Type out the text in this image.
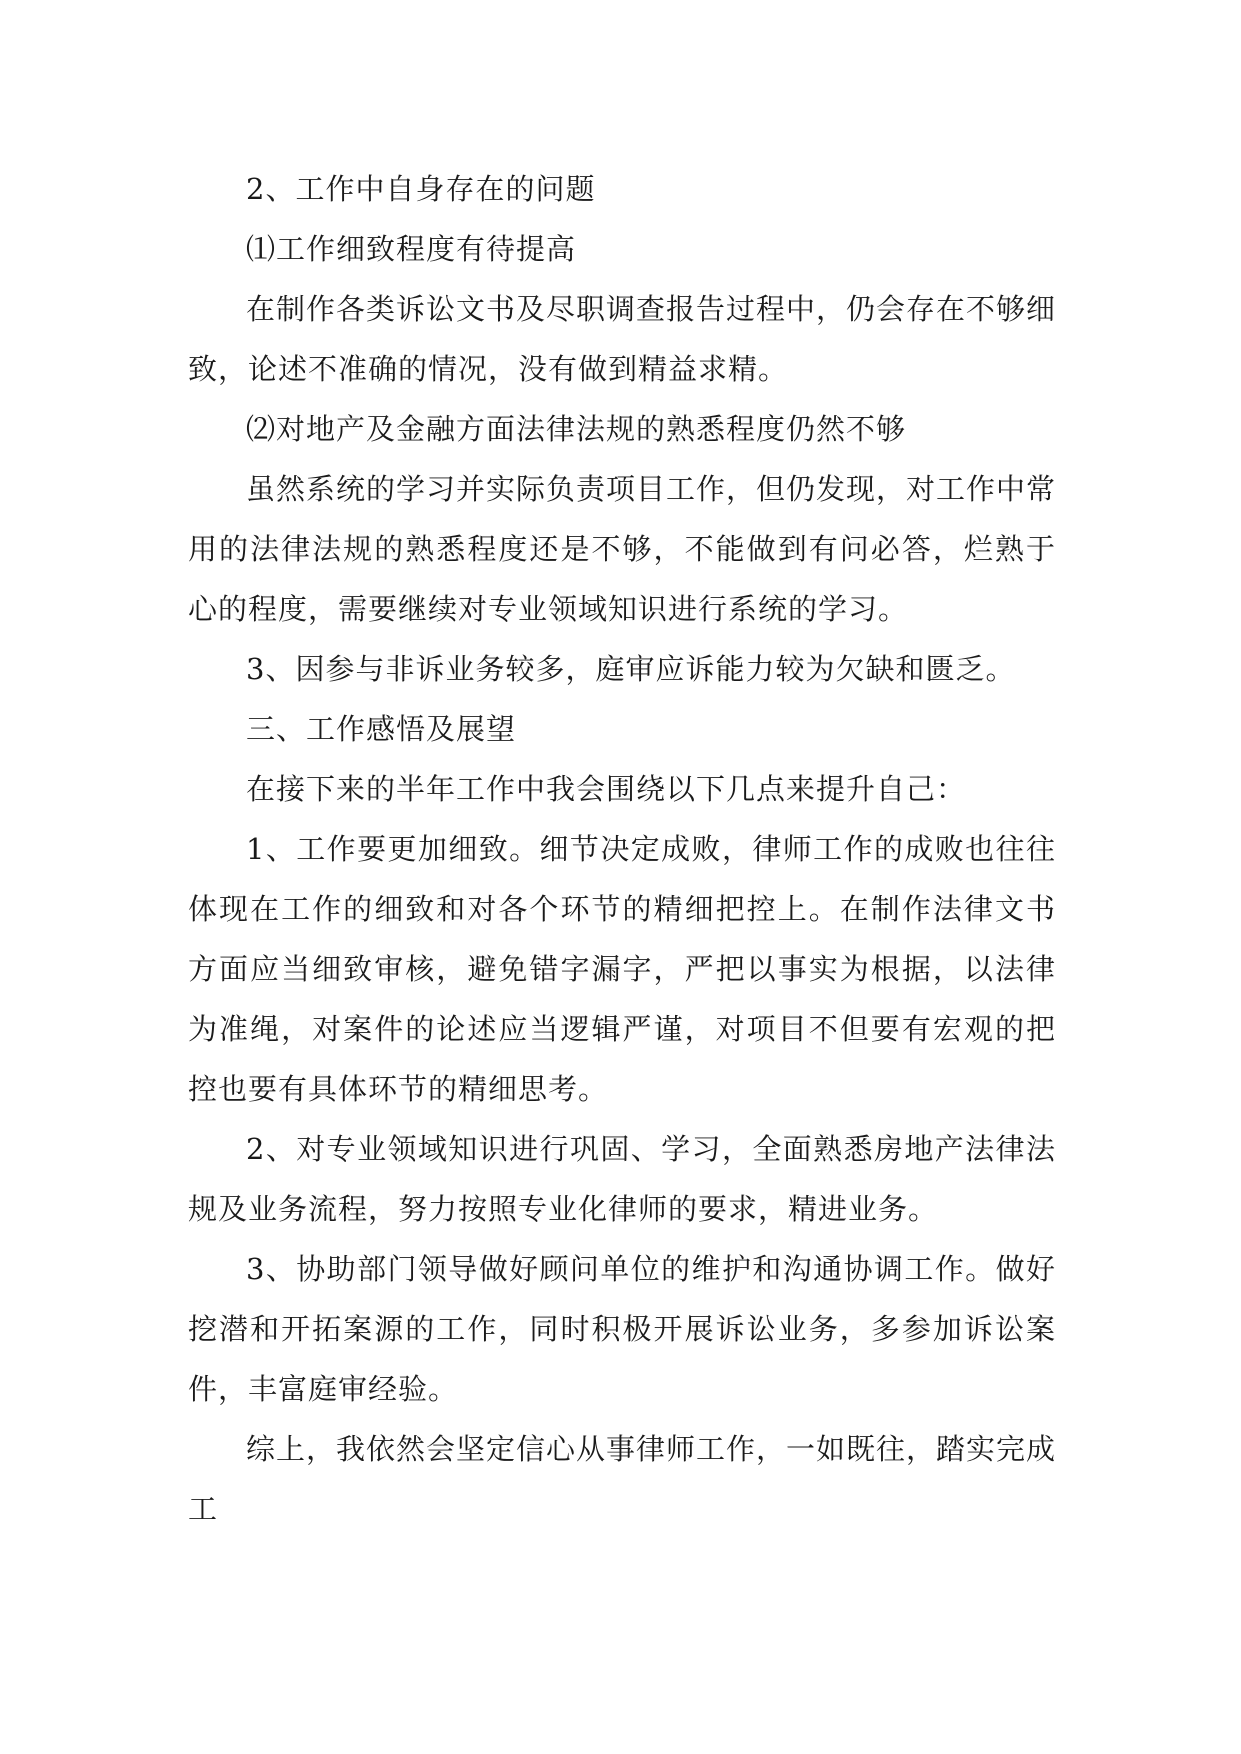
2、工作中自身存在的问题

⑴工作细致程度有待提高

在制作各类诉讼文书及尽职调查报告过程中，仍会存在不够细致，论述不准确的情况，没有做到精益求精。

⑵对地产及金融方面法律法规的熟悉程度仍然不够

虽然系统的学习并实际负责项目工作，但仍发现，对工作中常用的法律法规的熟悉程度还是不够，不能做到有问必答，烂熟于心的程度，需要继续对专业领域知识进行系统的学习。

3、因参与非诉业务较多，庭审应诉能力较为欠缺和匮乏。

三、工作感悟及展望

在接下来的半年工作中我会围绕以下几点来提升自己：

1、工作要更加细致。细节决定成败，律师工作的成败也往往体现在工作的细致和对各个环节的精细把控上。在制作法律文书方面应当细致审核，避免错字漏字，严把以事实为根据，以法律为准绳，对案件的论述应当逻辑严谨，对项目不但要有宏观的把控也要有具体环节的精细思考。

2、对专业领域知识进行巩固、学习，全面熟悉房地产法律法规及业务流程，努力按照专业化律师的要求，精进业务。

3、协助部门领导做好顾问单位的维护和沟通协调工作。做好挖潜和开拓案源的工作，同时积极开展诉讼业务，多参加诉讼案件，丰富庭审经验。

综上，我依然会坚定信心从事律师工作，一如既往，踏实完成工
